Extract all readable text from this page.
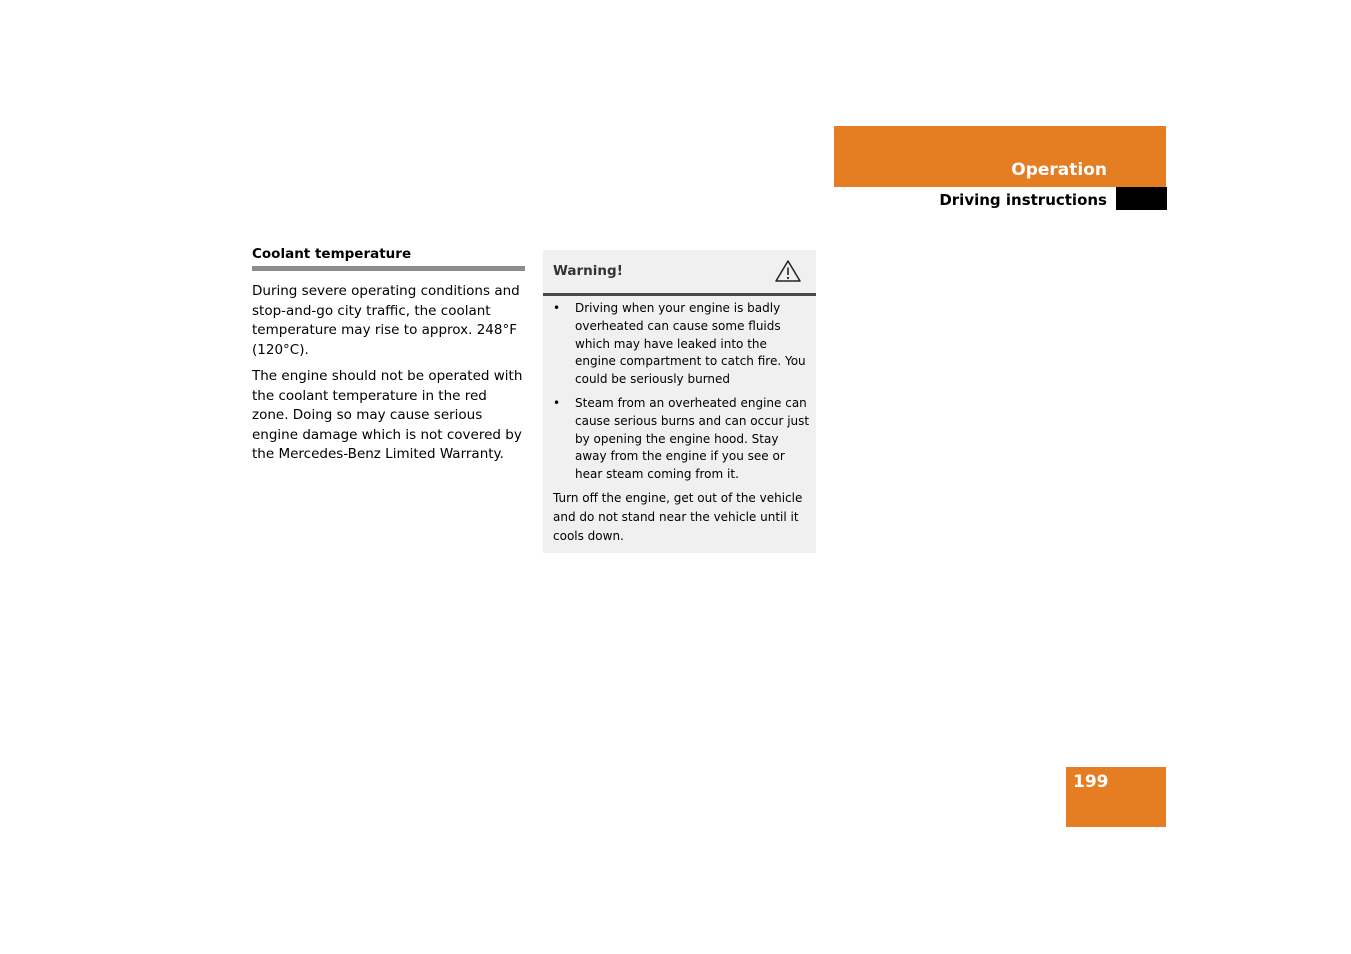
Operation
Driving instructions
Coolant temperature

During severe operating conditions and stop-and-go city traffic, the coolant temperature may rise to approx. 248°F (120°C).

The engine should not be operated with the coolant temperature in the red zone. Doing so may cause serious engine damage which is not covered by the Mercedes-Benz Limited Warranty.

Warning!
• Driving when your engine is badly overheated can cause some fluids which may have leaked into the engine compartment to catch fire. You could be seriously burned
• Steam from an overheated engine can cause serious burns and can occur just by opening the engine hood. Stay away from the engine if you see or hear steam coming from it.

Turn off the engine, get out of the vehicle and do not stand near the vehicle until it cools down.

199
